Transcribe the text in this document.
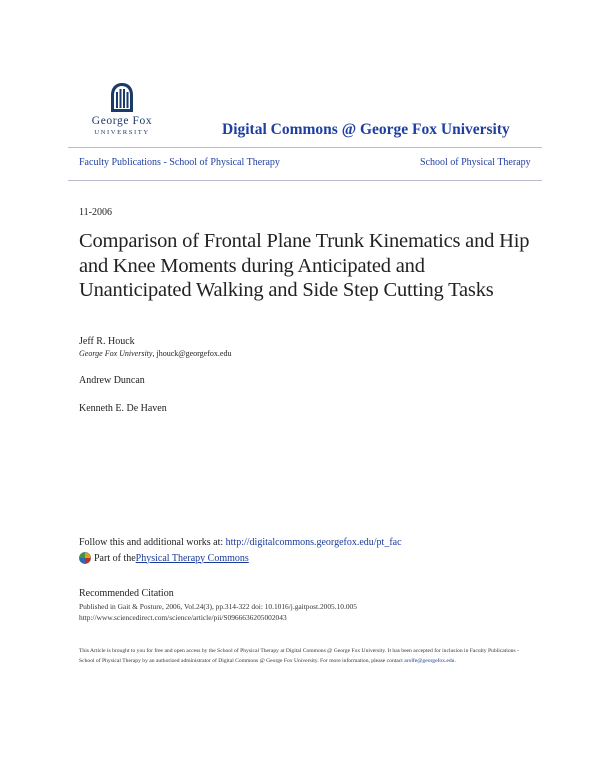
George Fox
UNIVERSITY	Digital Commons @ George Fox University
Faculty Publications - School of Physical Therapy	School of Physical Therapy
11-2006
Comparison of Frontal Plane Trunk Kinematics and Hip and Knee Moments during Anticipated and Unanticipated Walking and Side Step Cutting Tasks
Jeff R. Houck
George Fox University, jhouck@georgefox.edu
Andrew Duncan
Kenneth E. De Haven
Follow this and additional works at: http://digitalcommons.georgefox.edu/pt_fac
Part of the Physical Therapy Commons
Recommended Citation
Published in Gait & Posture, 2006, Vol.24(3), pp.314-322 doi: 10.1016/j.gaitpost.2005.10.005 http://www.sciencedirect.com/science/article/pii/S0966636205002043
This Article is brought to you for free and open access by the School of Physical Therapy at Digital Commons @ George Fox University. It has been accepted for inclusion in Faculty Publications - School of Physical Therapy by an authorized administrator of Digital Commons @ George Fox University. For more information, please contact arolfe@georgefox.edu.
